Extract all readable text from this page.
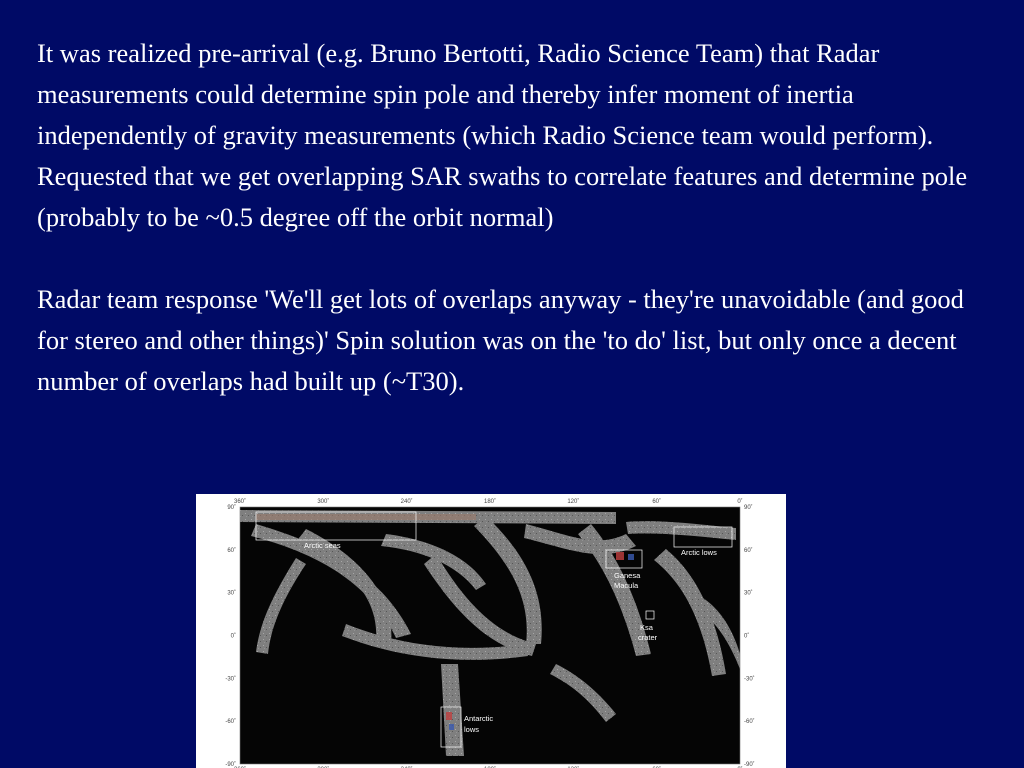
It was realized pre-arrival (e.g. Bruno Bertotti, Radio Science Team) that Radar measurements could determine spin pole and thereby infer moment of inertia independently of gravity measurements (which Radio Science team would perform). Requested that we get overlapping SAR swaths to correlate features and determine pole (probably to be ~0.5 degree off the orbit normal)

Radar team response 'We'll get lots of overlaps anyway - they're unavoidable (and good for stereo and other things)' Spin solution was on the 'to do' list, but only once a decent number of overlaps had built up (~T30).

Arctic seas
Arctic lows
Ganesa
Macula
Ksa
crater
Antarctic
lows
360˚	300˚	240˚	180˚	120˚	60˚	0˚
90˚
60˚
30˚
0˚
-30˚
-60˚
-90˚
90˚
60˚
30˚
0˚
-30˚
-60˚
-90˚
